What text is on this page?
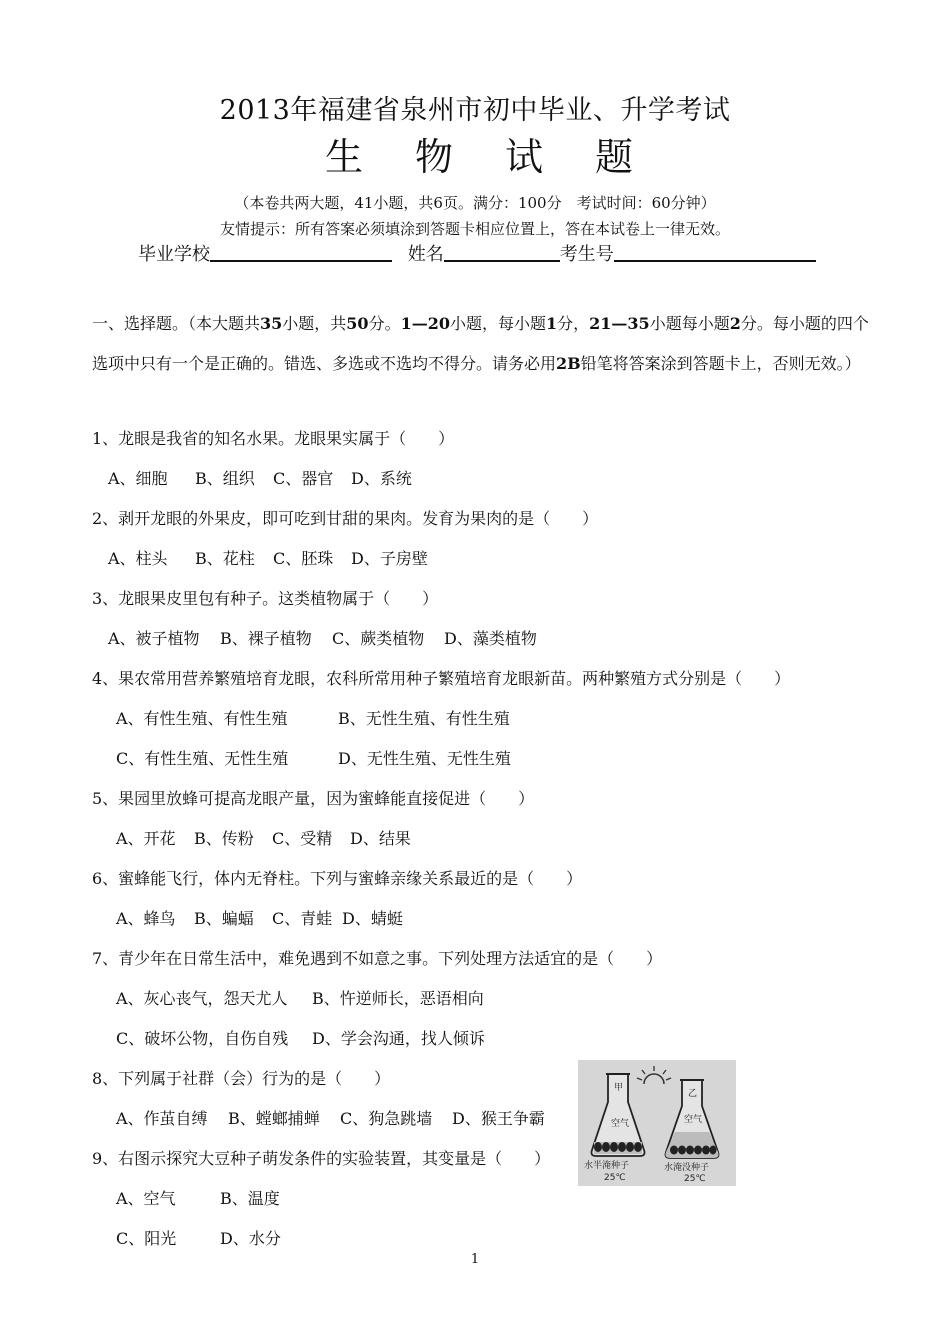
2013年福建省泉州市初中毕业、升学考试
生物试题
（本卷共两大题，41小题，共6页。满分：100分　考试时间：60分钟）
友情提示：所有答案必须填涂到答题卡相应位置上，答在本试卷上一律无效。
毕业学校	姓名	考生号
一、选择题。（本大题共35小题，共50分。1—20小题，每小题1分，21—35小题每小题2分。每小题的四个选项中只有一个是正确的。错选、多选或不选均不得分。请务必用2B铅笔将答案涂到答题卡上，否则无效。）
1、龙眼是我省的知名水果。龙眼果实属于（　　）
A、细胞 B、组织 C、器官 D、系统
2、剥开龙眼的外果皮，即可吃到甘甜的果肉。发育为果肉的是（　　）
A、柱头 B、花柱 C、胚珠 D、子房壁
3、龙眼果皮里包有种子。这类植物属于（　　）
A、被子植物 B、裸子植物 C、蕨类植物 D、藻类植物
4、果农常用营养繁殖培育龙眼，农科所常用种子繁殖培育龙眼新苗。两种繁殖方式分别是（　　）
A、有性生殖、有性生殖	B、无性生殖、有性生殖
C、有性生殖、无性生殖	D、无性生殖、无性生殖
5、果园里放蜂可提高龙眼产量，因为蜜蜂能直接促进（　　）
A、开花 B、传粉 C、受精 D、结果
6、蜜蜂能飞行，体内无脊柱。下列与蜜蜂亲缘关系最近的是（　　）
A、蜂鸟 B、蝙蝠 C、青蛙 D、蜻蜓
7、青少年在日常生活中，难免遇到不如意之事。下列处理方法适宜的是（　　）
A、灰心丧气，怨天尤人 B、忤逆师长，恶语相向
C、破坏公物，自伤自残 D、学会沟通，找人倾诉
8、下列属于社群（会）行为的是（　　）
A、作茧自缚 B、螳螂捕蝉 C、狗急跳墙 D、猴王争霸
9、右图示探究大豆种子萌发条件的实验装置，其变量是（　　）
A、空气	B、温度
C、阳光	D、水分
甲
空气
水半淹种子
25℃
乙
空气
水淹没种子
25℃
1
